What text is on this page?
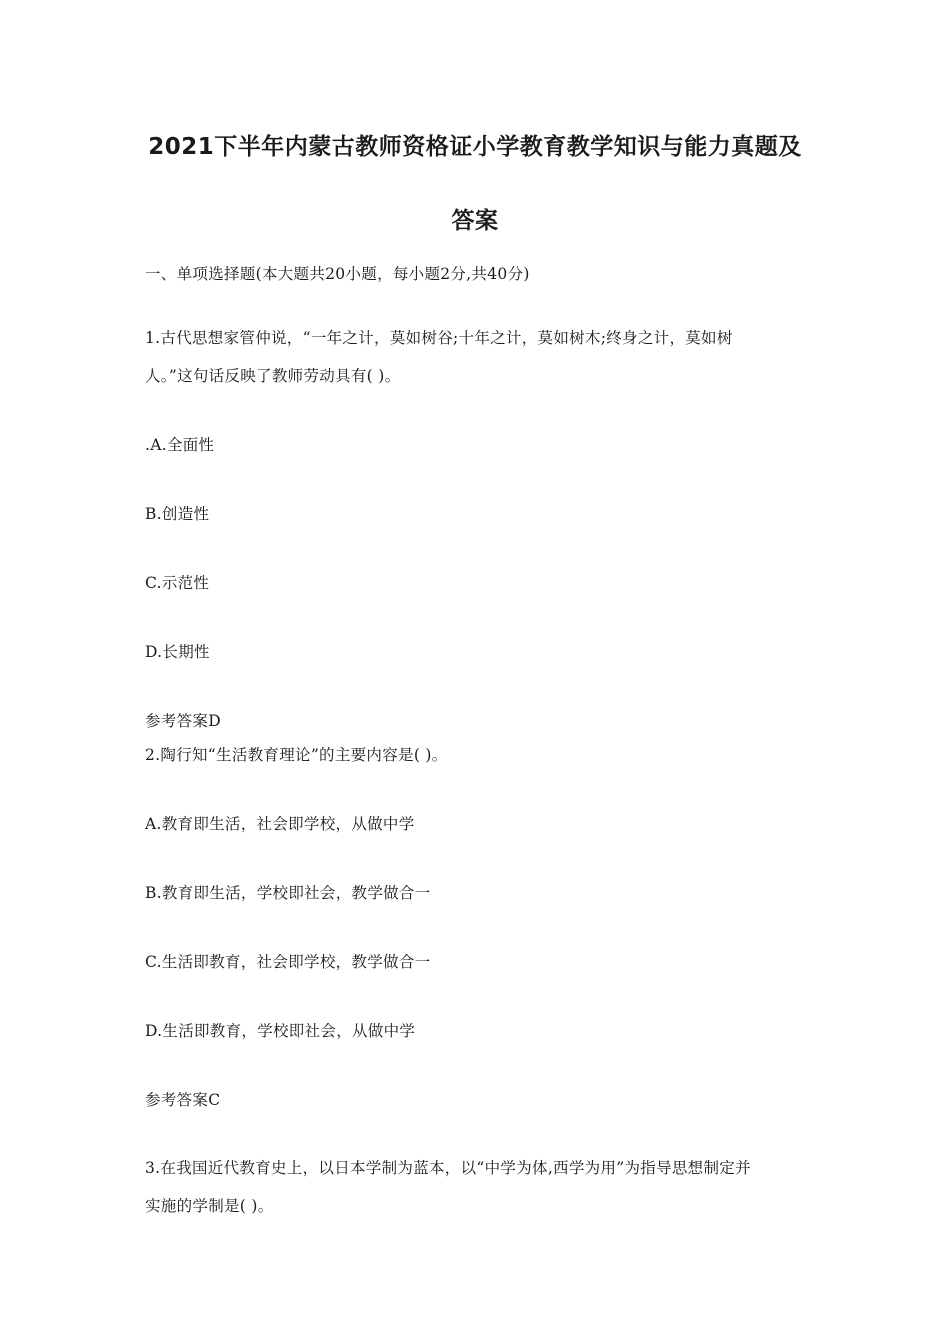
2021下半年内蒙古教师资格证小学教育教学知识与能力真题及
答案
一、单项选择题(本大题共20小题，每小题2分,共40分)
1.古代思想家管仲说，“一年之计，莫如树谷;十年之计，莫如树木;终身之计，莫如树
人。”这句话反映了教师劳动具有( )。
.A.全面性
B.创造性
C.示范性
D.长期性
参考答案D
2.陶行知“生活教育理论”的主要内容是( )。
A.教育即生活，社会即学校，从做中学
B.教育即生活，学校即社会，教学做合一
C.生活即教育，社会即学校，教学做合一
D.生活即教育，学校即社会，从做中学
参考答案C
3.在我国近代教育史上，以日本学制为蓝本，以“中学为体,西学为用”为指导思想制定并
实施的学制是( )。
